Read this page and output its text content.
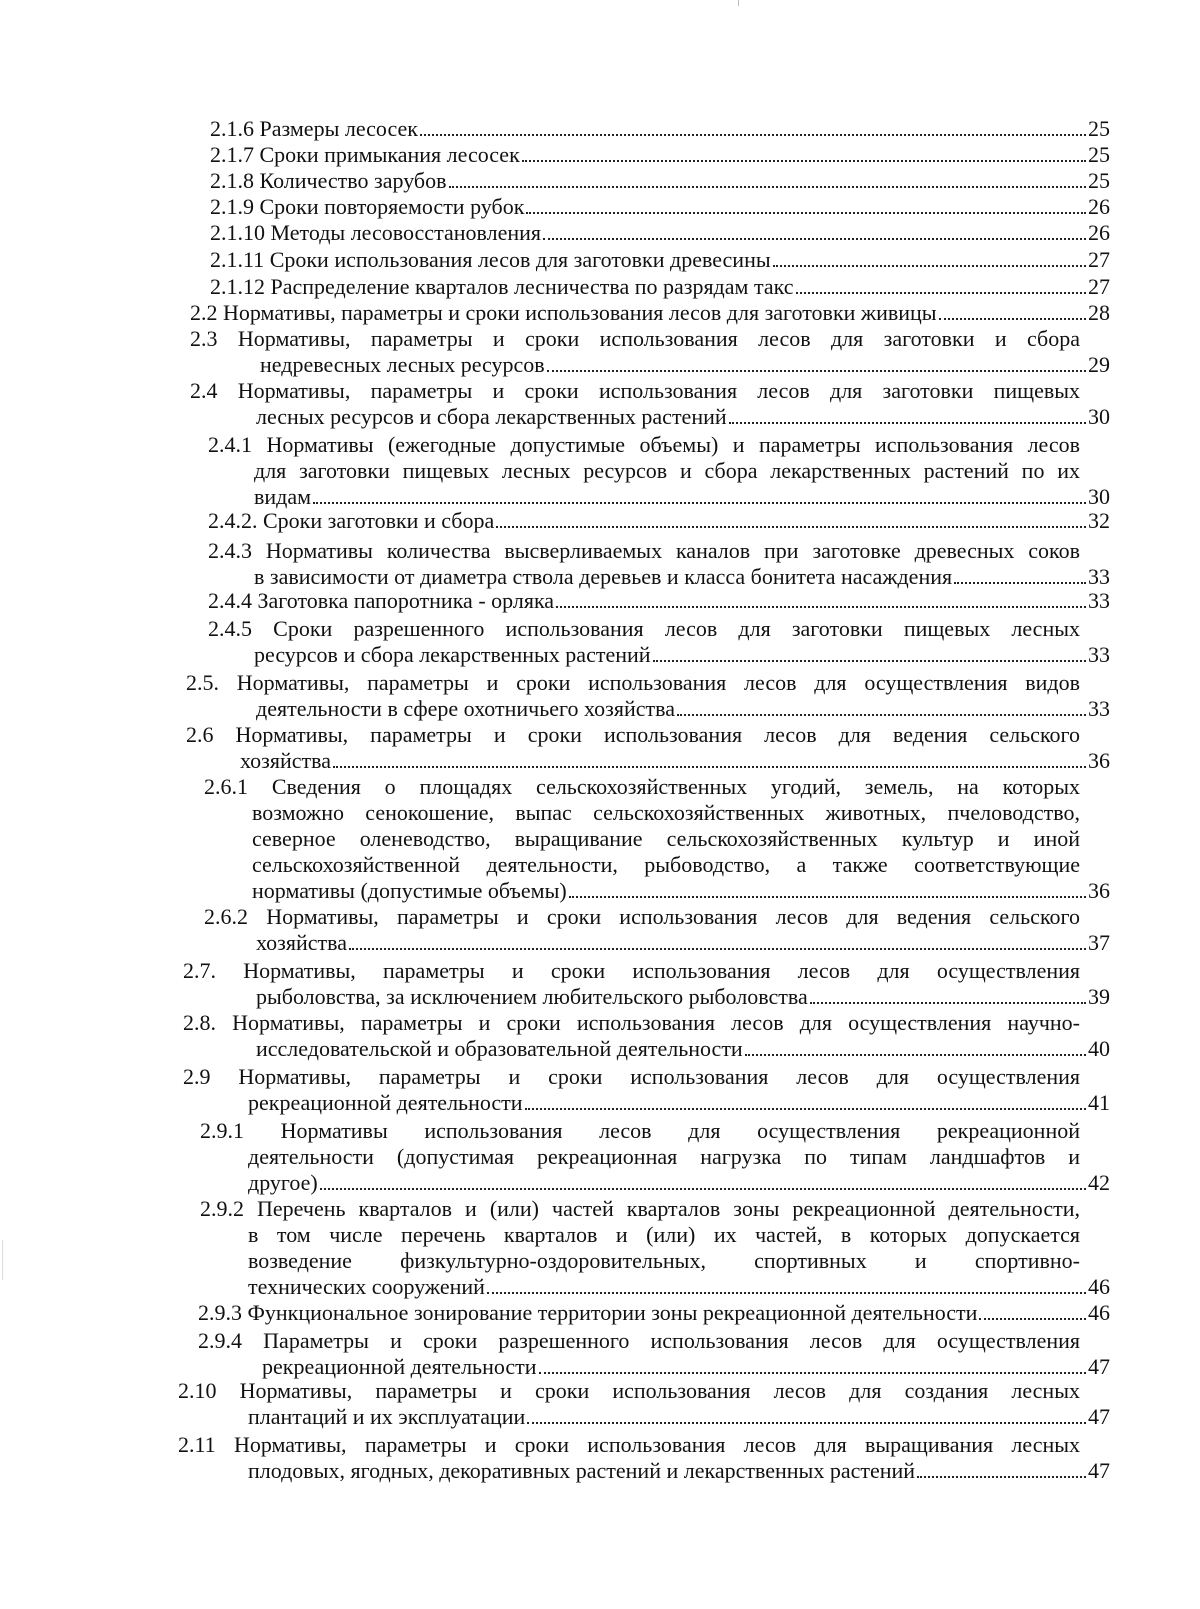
2.1.6 Размеры лесосек	25
2.1.7 Сроки примыкания лесосек	25
2.1.8 Количество зарубов	25
2.1.9 Сроки повторяемости рубок	26
2.1.10 Методы лесовосстановления	26
2.1.11 Сроки использования лесов для заготовки древесины	27
2.1.12 Распределение кварталов лесничества по разрядам такс	27
2.2 Нормативы, параметры и сроки использования лесов для заготовки живицы	28
2.3 Нормативы, параметры и сроки использования лесов для заготовки и сбора
недревесных лесных ресурсов	29
2.4 Нормативы, параметры и сроки использования лесов для заготовки пищевых
лесных ресурсов и сбора лекарственных растений	30
2.4.1 Нормативы (ежегодные допустимые объемы) и параметры использования лесов
для заготовки пищевых лесных ресурсов и сбора лекарственных растений по их
видам	30
2.4.2. Сроки заготовки и сбора	32
2.4.3 Нормативы количества высверливаемых каналов при заготовке древесных соков
в зависимости от диаметра ствола деревьев и класса бонитета насаждения	33
2.4.4 Заготовка папоротника - орляка	33
2.4.5 Сроки разрешенного использования лесов для заготовки пищевых лесных
ресурсов и сбора лекарственных растений	33
2.5. Нормативы, параметры и сроки использования лесов для осуществления видов
деятельности в сфере охотничьего хозяйства	33
2.6 Нормативы, параметры и сроки использования лесов для ведения сельского
хозяйства	36
2.6.1 Сведения о площадях сельскохозяйственных угодий, земель, на которых
возможно сенокошение, выпас сельскохозяйственных животных, пчеловодство,
северное оленеводство, выращивание сельскохозяйственных культур и иной
сельскохозяйственной деятельности, рыбоводство, а также соответствующие
нормативы (допустимые объемы)	36
2.6.2 Нормативы, параметры и сроки использования лесов для ведения сельского
хозяйства	37
2.7. Нормативы, параметры и сроки использования лесов для осуществления
рыболовства, за исключением любительского рыболовства	39
2.8. Нормативы, параметры и сроки использования лесов для осуществления научно-
исследовательской и образовательной деятельности	40
2.9 Нормативы, параметры и сроки использования лесов для осуществления
рекреационной деятельности	41
2.9.1 Нормативы использования лесов для осуществления рекреационной
деятельности (допустимая рекреационная нагрузка по типам ландшафтов и
другое)	42
2.9.2 Перечень кварталов и (или) частей кварталов зоны рекреационной деятельности,
в том числе перечень кварталов и (или) их частей, в которых допускается
возведение физкультурно-оздоровительных, спортивных и спортивно-
технических сооружений	46
2.9.3 Функциональное зонирование территории зоны рекреационной деятельности	46
2.9.4 Параметры и сроки разрешенного использования лесов для осуществления
рекреационной деятельности	47
2.10 Нормативы, параметры и сроки использования лесов для создания лесных
плантаций и их эксплуатации	47
2.11 Нормативы, параметры и сроки использования лесов для выращивания лесных
плодовых, ягодных, декоративных растений и лекарственных растений	47
